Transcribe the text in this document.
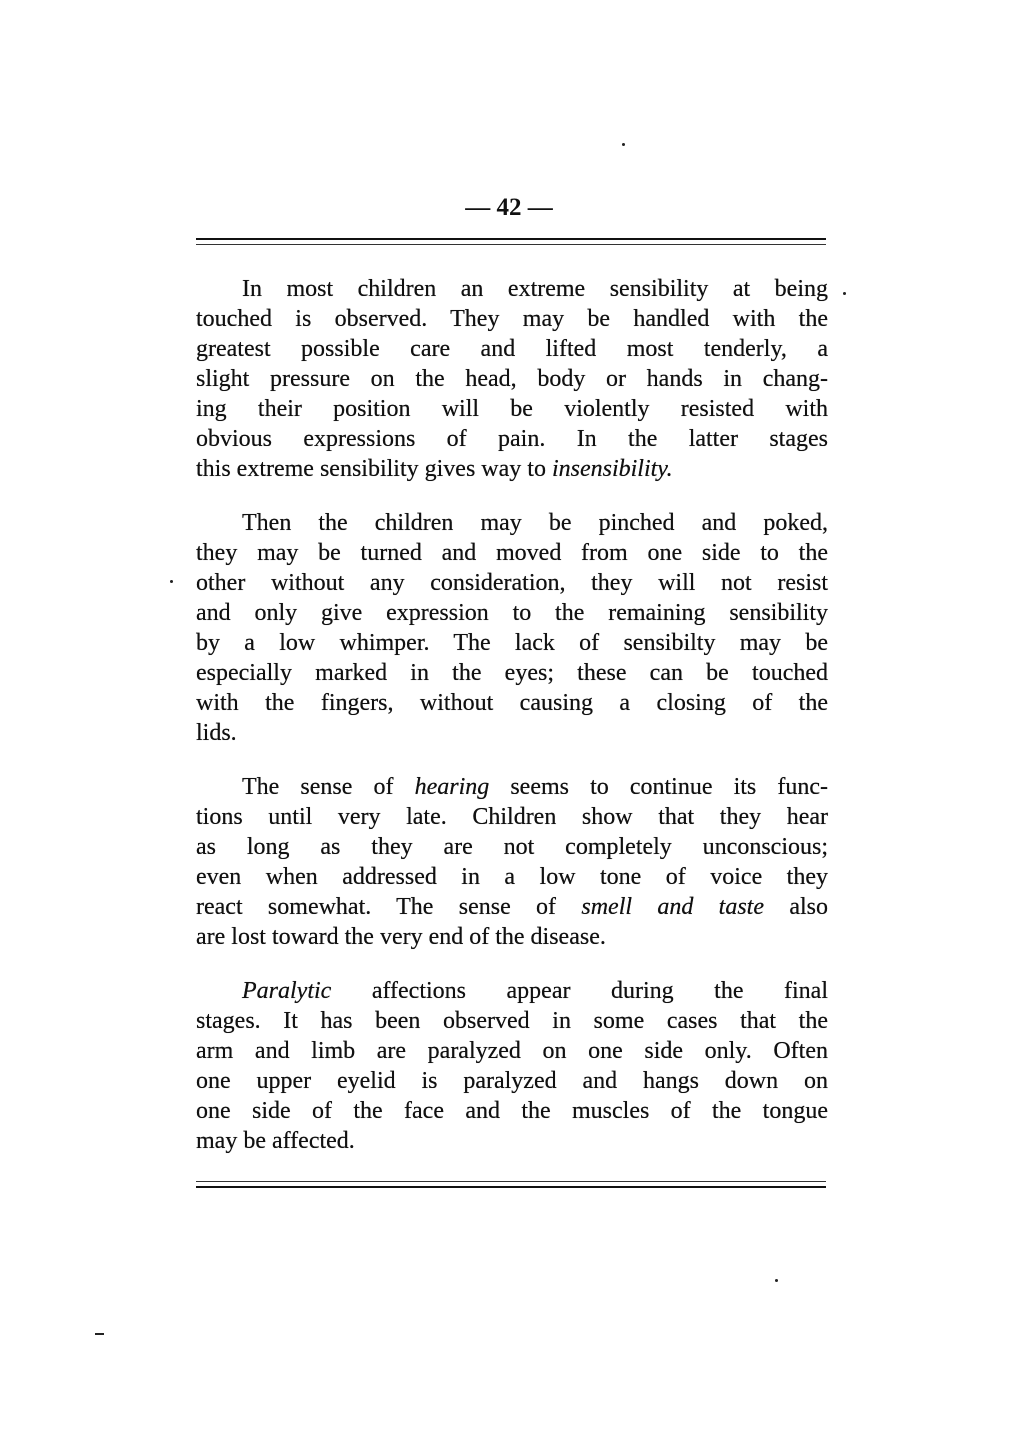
— 42 —
In most children an extreme sensibility at being
touched is observed. They may be handled with the
greatest possible care and lifted most tenderly, a
slight pressure on the head, body or hands in chang-
ing their position will be violently resisted with
obvious expressions of pain. In the latter stages
this extreme sensibility gives way to insensibility.
Then the children may be pinched and poked,
they may be turned and moved from one side to the
other without any consideration, they will not resist
and only give expression to the remaining sensibility
by a low whimper. The lack of sensibilty may be
especially marked in the eyes; these can be touched
with the fingers, without causing a closing of the
lids.
The sense of hearing seems to continue its func-
tions until very late. Children show that they hear
as long as they are not completely unconscious;
even when addressed in a low tone of voice they
react somewhat. The sense of smell and taste also
are lost toward the very end of the disease.
Paralytic affections appear during the final
stages. It has been observed in some cases that the
arm and limb are paralyzed on one side only. Often
one upper eyelid is paralyzed and hangs down on
one side of the face and the muscles of the tongue
may be affected.
